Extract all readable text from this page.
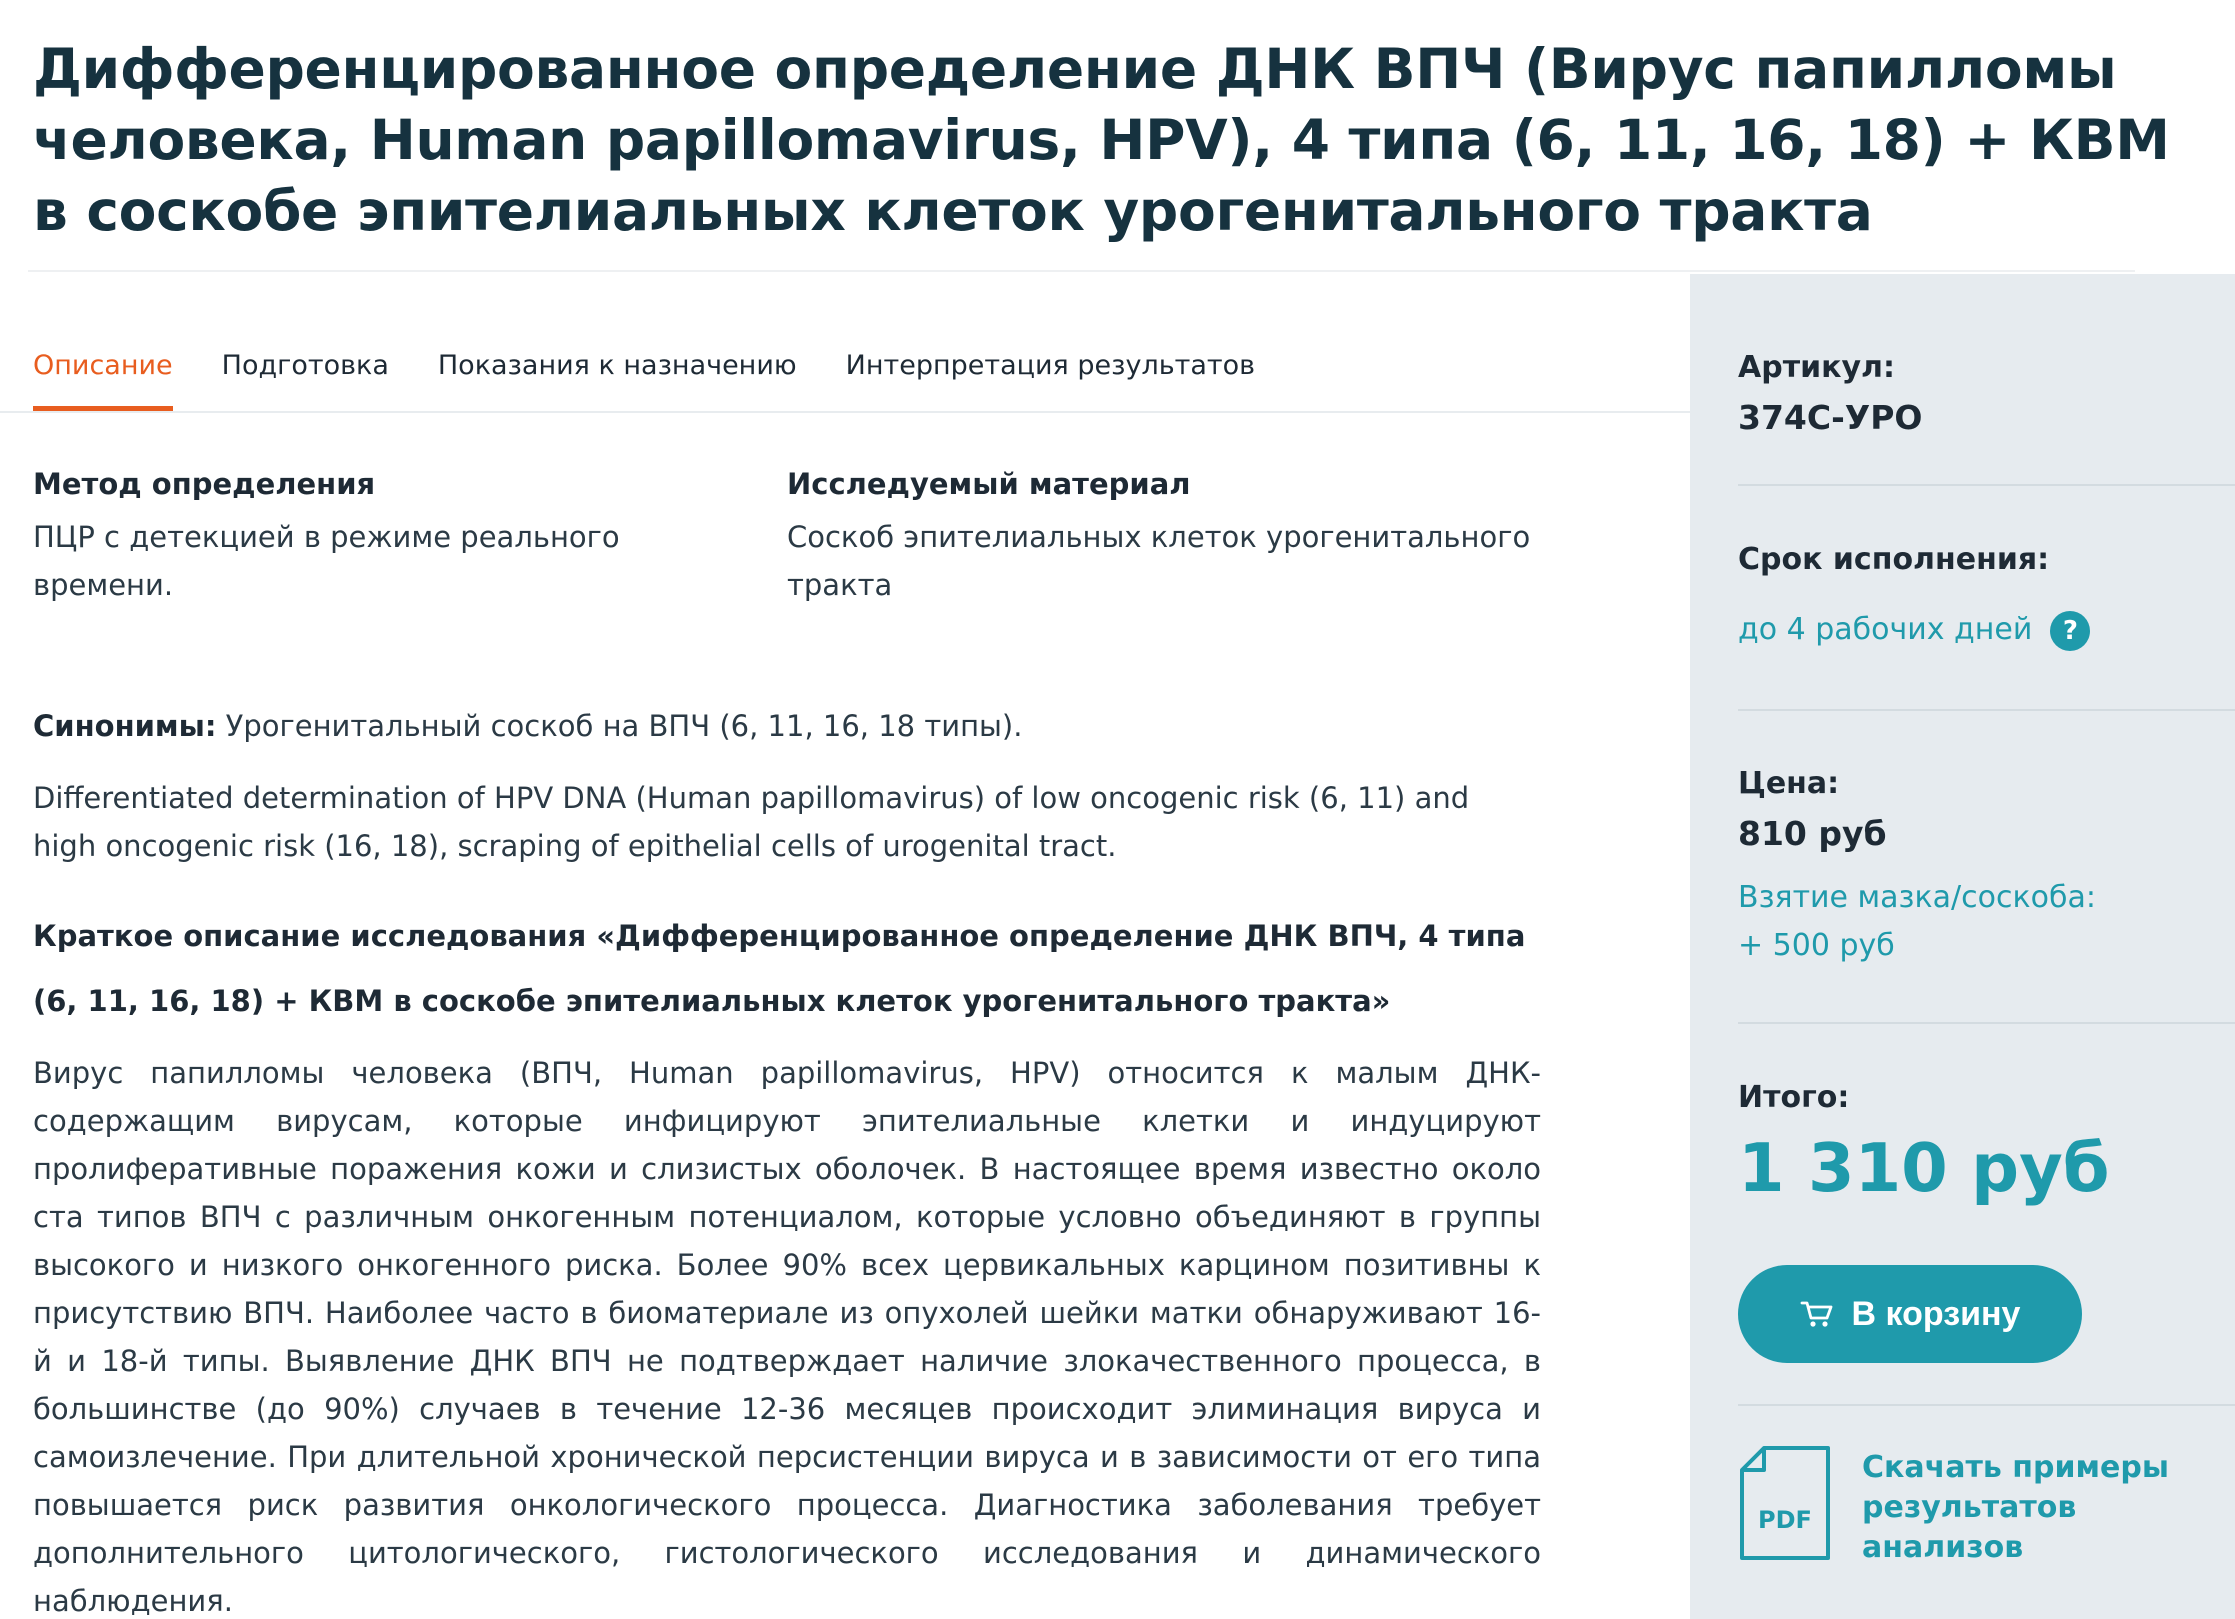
Дифференцированное определение ДНК ВПЧ (Вирус папилломы человека, Human papillomavirus, HPV), 4 типа (6, 11, 16, 18) + КВМ в соскобе эпителиальных клеток урогенитального тракта
Описание Подготовка Показания к назначению Интерпретация результатов
Метод определения
ПЦР с детекцией в режиме реального времени.
Исследуемый материал
Соскоб эпителиальных клеток урогенитального тракта

Синонимы: Урогенитальный соскоб на ВПЧ (6, 11, 16, 18 типы).

Differentiated determination of HPV DNA (Human papillomavirus) of low oncogenic risk (6, 11) and high oncogenic risk (16, 18), scraping of epithelial cells of urogenital tract.

Краткое описание исследования «Дифференцированное определение ДНК ВПЧ, 4 типа (6, 11, 16, 18) + КВМ в соскобе эпителиальных клеток урогенитального тракта»

Вирус папилломы человека (ВПЧ, Human papillomavirus, HPV) относится к малым ДНК-содержащим вирусам, которые инфицируют эпителиальные клетки и индуцируют пролиферативные поражения кожи и слизистых оболочек. В настоящее время известно около ста типов ВПЧ с различным онкогенным потенциалом, которые условно объединяют в группы высокого и низкого онкогенного риска. Более 90% всех цервикальных карцином позитивны к присутствию ВПЧ. Наиболее часто в биоматериале из опухолей шейки матки обнаруживают 16-й и 18-й типы. Выявление ДНК ВПЧ не подтверждает наличие злокачественного процесса, в большинстве (до 90%) случаев в течение 12-36 месяцев происходит элиминация вируса и самоизлечение. При длительной хронической персистенции вируса и в зависимости от его типа повышается риск развития онкологического процесса. Диагностика заболевания требует дополнительного цитологического, гистологического исследования и динамического наблюдения.

Артикул:
374С-УРО
Срок исполнения:
до 4 рабочих дней ?
Цена:
810 руб
Взятие мазка/соскоба:
+ 500 руб
Итого:
1 310 руб
В корзину
PDF
Скачать примеры
результатов анализов
